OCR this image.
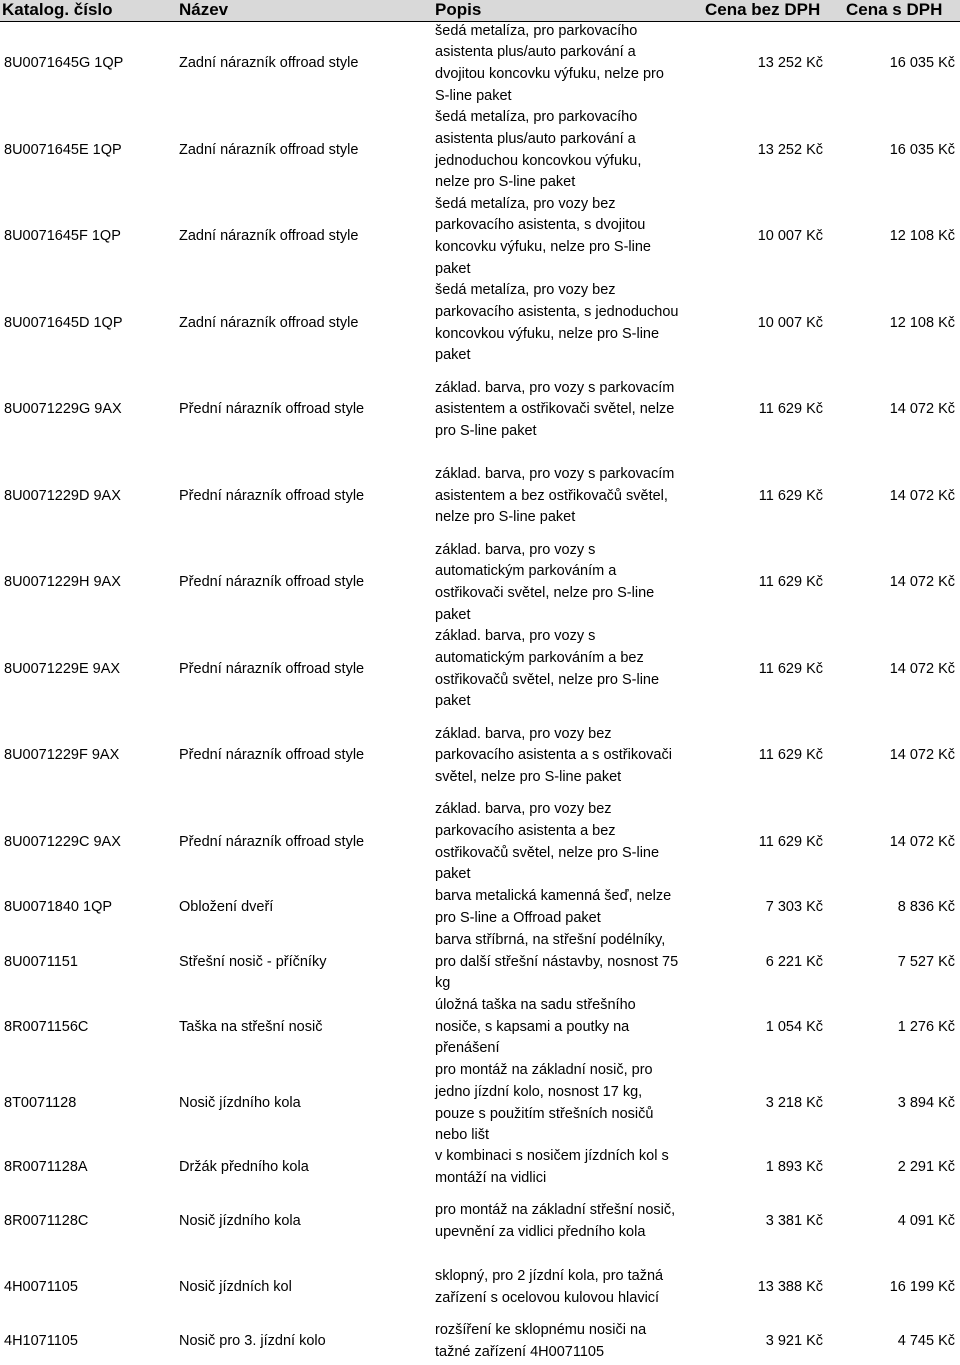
Katalog. číslo	Název	Popis	Cena bez DPH Cena s DPH
8U0071645G 1QP	Zadní nárazník offroad style
šedá metalíza, pro parkovacího
asistenta plus/auto parkování a
dvojitou koncovku výfuku, nelze pro
S-line paket
13 252 Kč	16 035 Kč
8U0071645E 1QP	Zadní nárazník offroad style
šedá metalíza, pro parkovacího
asistenta plus/auto parkování a
jednoduchou koncovkou výfuku,
nelze pro S-line paket
13 252 Kč	16 035 Kč
8U0071645F 1QP	Zadní nárazník offroad style
šedá metalíza, pro vozy bez
parkovacího asistenta, s dvojitou
koncovku výfuku, nelze pro S-line
paket
10 007 Kč	12 108 Kč
8U0071645D 1QP	Zadní nárazník offroad style
šedá metalíza, pro vozy bez
parkovacího asistenta, s jednoduchou
koncovkou výfuku, nelze pro S-line
paket
10 007 Kč	12 108 Kč
8U0071229G 9AX	Přední nárazník offroad style
základ. barva, pro vozy s parkovacím
asistentem a ostřikovači světel, nelze
pro S-line paket
11 629 Kč	14 072 Kč
8U0071229D 9AX	Přední nárazník offroad style
základ. barva, pro vozy s parkovacím
asistentem a bez ostřikovačů světel,
nelze pro S-line paket
11 629 Kč	14 072 Kč
8U0071229H 9AX	Přední nárazník offroad style
základ. barva, pro vozy s
automatickým parkováním a
ostřikovači světel, nelze pro S-line
paket
11 629 Kč	14 072 Kč
8U0071229E 9AX	Přední nárazník offroad style
základ. barva, pro vozy s
automatickým parkováním a bez
ostřikovačů světel, nelze pro S-line
paket
11 629 Kč	14 072 Kč
8U0071229F 9AX	Přední nárazník offroad style
základ. barva, pro vozy bez
parkovacího asistenta a s ostřikovači
světel, nelze pro S-line paket
11 629 Kč	14 072 Kč
8U0071229C 9AX	Přední nárazník offroad style
základ. barva, pro vozy bez
parkovacího asistenta a bez
ostřikovačů světel, nelze pro S-line
paket
11 629 Kč	14 072 Kč
8U0071840 1QP	Obložení dveří
barva metalická kamenná šeď, nelze
pro S-line a Offroad paket
7 303 Kč	8 836 Kč
8U0071151	Střešní nosič - příčníky
barva stříbrná, na střešní podélníky,
pro další střešní nástavby, nosnost 75
kg
6 221 Kč	7 527 Kč
8R0071156C	Taška na střešní nosič
úložná taška na sadu střešního
nosiče, s kapsami a poutky na
přenášení
1 054 Kč	1 276 Kč
8T0071128	Nosič jízdního kola
pro montáž na základní nosič, pro
jedno jízdní kolo, nosnost 17 kg,
pouze s použitím střešních nosičů
nebo lišt
3 218 Kč	3 894 Kč
8R0071128A	Držák předního kola
v kombinaci s nosičem jízdních kol s
montáží na vidlici
1 893 Kč	2 291 Kč
8R0071128C	Nosič jízdního kola
pro montáž na základní střešní nosič,
upevnění za vidlici předního kola
3 381 Kč	4 091 Kč
4H0071105	Nosič jízdních kol
sklopný, pro 2 jízdní kola, pro tažná
zařízení s ocelovou kulovou hlavicí
13 388 Kč	16 199 Kč
4H1071105	Nosič pro 3. jízdní kolo
rozšíření ke sklopnému nosiči na
tažné zařízení 4H0071105
3 921 Kč	4 745 Kč
